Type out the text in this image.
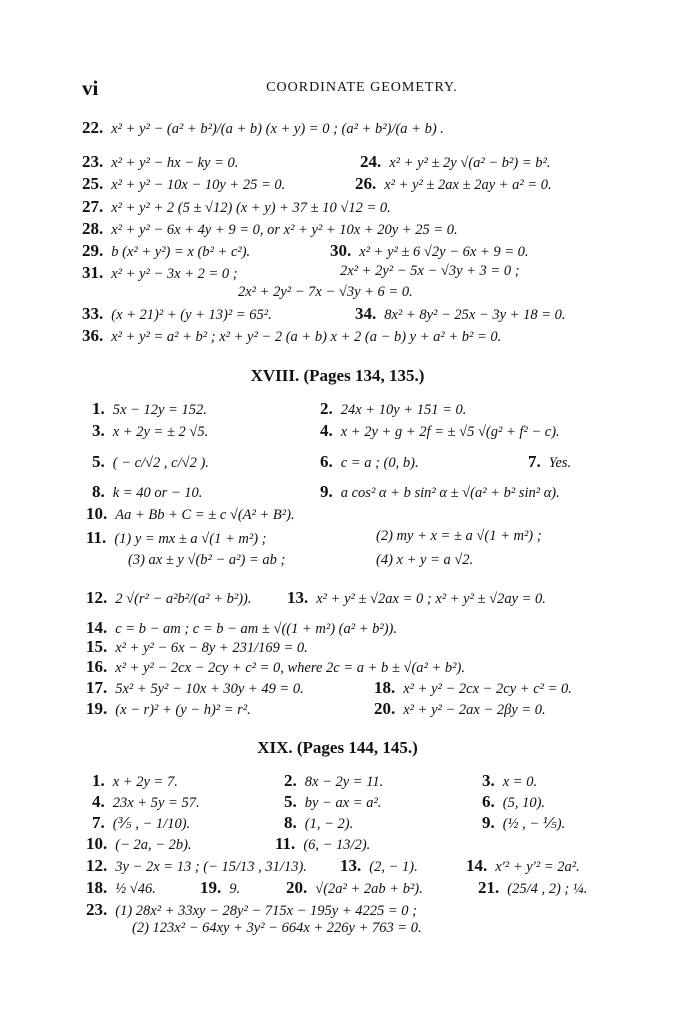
vi	COORDINATE GEOMETRY.
22. x² + y² − (a² + b²)/(a + b) (x + y) = 0 ; (a² + b²)/(a + b) .
23. x² + y² − hx − ky = 0.	24. x² + y² ± 2y √(a² − b²) = b².
25. x² + y² − 10x − 10y + 25 = 0.	26. x² + y² ± 2ax ± 2ay + a² = 0.
27. x² + y² + 2 (5 ± √12) (x + y) + 37 ± 10 √12 = 0.
28. x² + y² − 6x + 4y + 9 = 0, or x² + y² + 10x + 20y + 25 = 0.
29. b (x² + y²) = x (b² + c²).	30. x² + y² ± 6 √2y − 6x + 9 = 0.
31. x² + y² − 3x + 2 = 0 ;	2x² + 2y² − 5x − √3y + 3 = 0 ;
2x² + 2y² − 7x − √3y + 6 = 0.
33. (x + 21)² + (y + 13)² = 65².	34. 8x² + 8y² − 25x − 3y + 18 = 0.
36. x² + y² = a² + b² ; x² + y² − 2 (a + b) x + 2 (a − b) y + a² + b² = 0.
XVIII. (Pages 134, 135.)
1. 5x − 12y = 152.	2. 24x + 10y + 151 = 0.
3. x + 2y = ± 2 √5.	4. x + 2y + g + 2f = ± √5 √(g² + f² − c).
5. ( − c/√2 , c/√2 ).	6. c = a ; (0, b).	7. Yes.
8. k = 40 or − 10.	9. a cos² α + b sin² α ± √(a² + b² sin² α).
10. Aa + Bb + C = ± c √(A² + B²).
11. (1) y = mx ± a √(1 + m²) ;	(2) my + x = ± a √(1 + m²) ;
(3) ax ± y √(b² − a²) = ab ;	(4) x + y = a √2.
12. 2 √(r² − a²b²/(a² + b²)). 13. x² + y² ± √2ax = 0 ; x² + y² ± √2ay = 0.
14. c = b − am ; c = b − am ± √((1 + m²) (a² + b²)).
15. x² + y² − 6x − 8y + 231/169 = 0.
16. x² + y² − 2cx − 2cy + c² = 0, where 2c = a + b ± √(a² + b²).
17. 5x² + 5y² − 10x + 30y + 49 = 0.	18. x² + y² − 2cx − 2cy + c² = 0.
19. (x − r)² + (y − h)² = r².	20. x² + y² − 2ax − 2βy = 0.
XIX. (Pages 144, 145.)
1. x + 2y = 7.	2. 8x − 2y = 11.	3. x = 0.
4. 23x + 5y = 57.	5. by − ax = a².	6. (5, 10).
7. (⅗ , − 1/10).	8. (1, − 2).	9. (½ , − ⅕).
10. (− 2a, − 2b).	11. (6, − 13/2).
12. 3y − 2x = 13 ; (− 15/13 , 31/13). 13. (2, − 1).	14. x′² + y′² = 2a².
18. ½ √46.	19. 9.	20. √(2a² + 2ab + b²).	21. (25/4 , 2) ; ¼.
23. (1) 28x² + 33xy − 28y² − 715x − 195y + 4225 = 0 ;
(2) 123x² − 64xy + 3y² − 664x + 226y + 763 = 0.
